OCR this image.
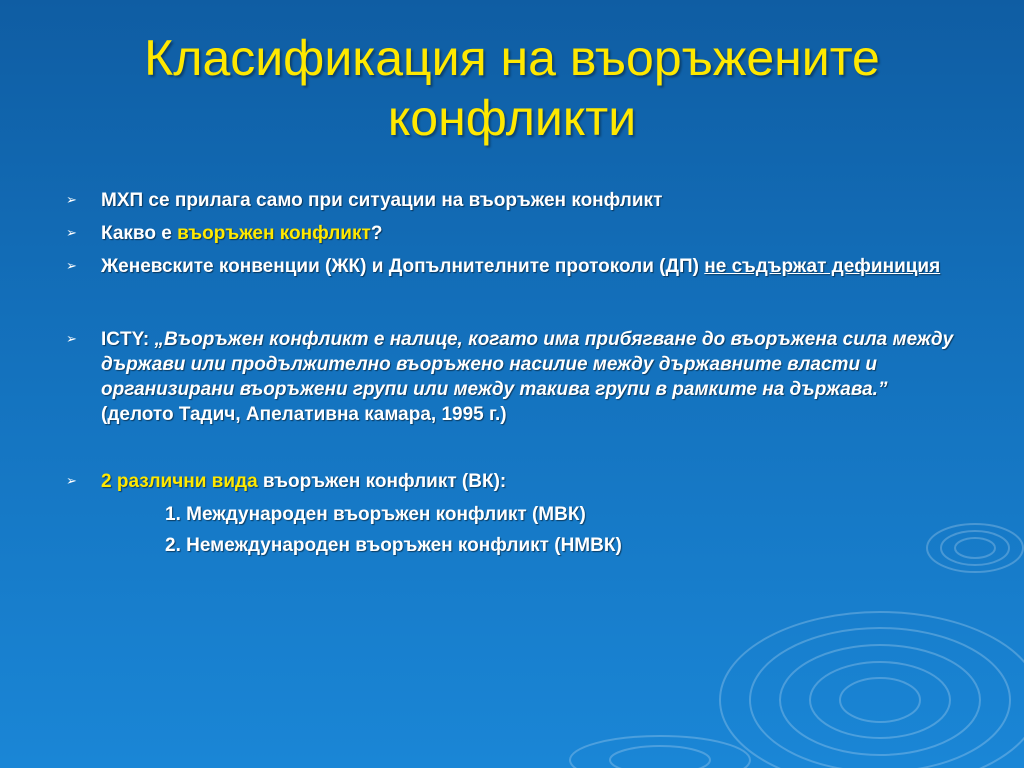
Класификация на въоръжените
конфликти
➢ МХП се прилага само при ситуации на въоръжен конфликт
➢ Какво е въоръжен конфликт?
➢ Женевските конвенции (ЖК) и Допълнителните протоколи (ДП) не съдържат дефиниция
➢ ICTY: „Въоръжен конфликт е налице, когато има прибягване до въоръжена сила между държави или продължително въоръжено насилие между държавните власти и организирани въоръжени групи или между такива групи в рамките на държава.” (делото Тадич, Апелативна камара, 1995 г.)
➢ 2 различни вида въоръжен конфликт (ВК):
1. Международен въоръжен конфликт (МВК)
2. Немеждународен въоръжен конфликт (НМВК)
